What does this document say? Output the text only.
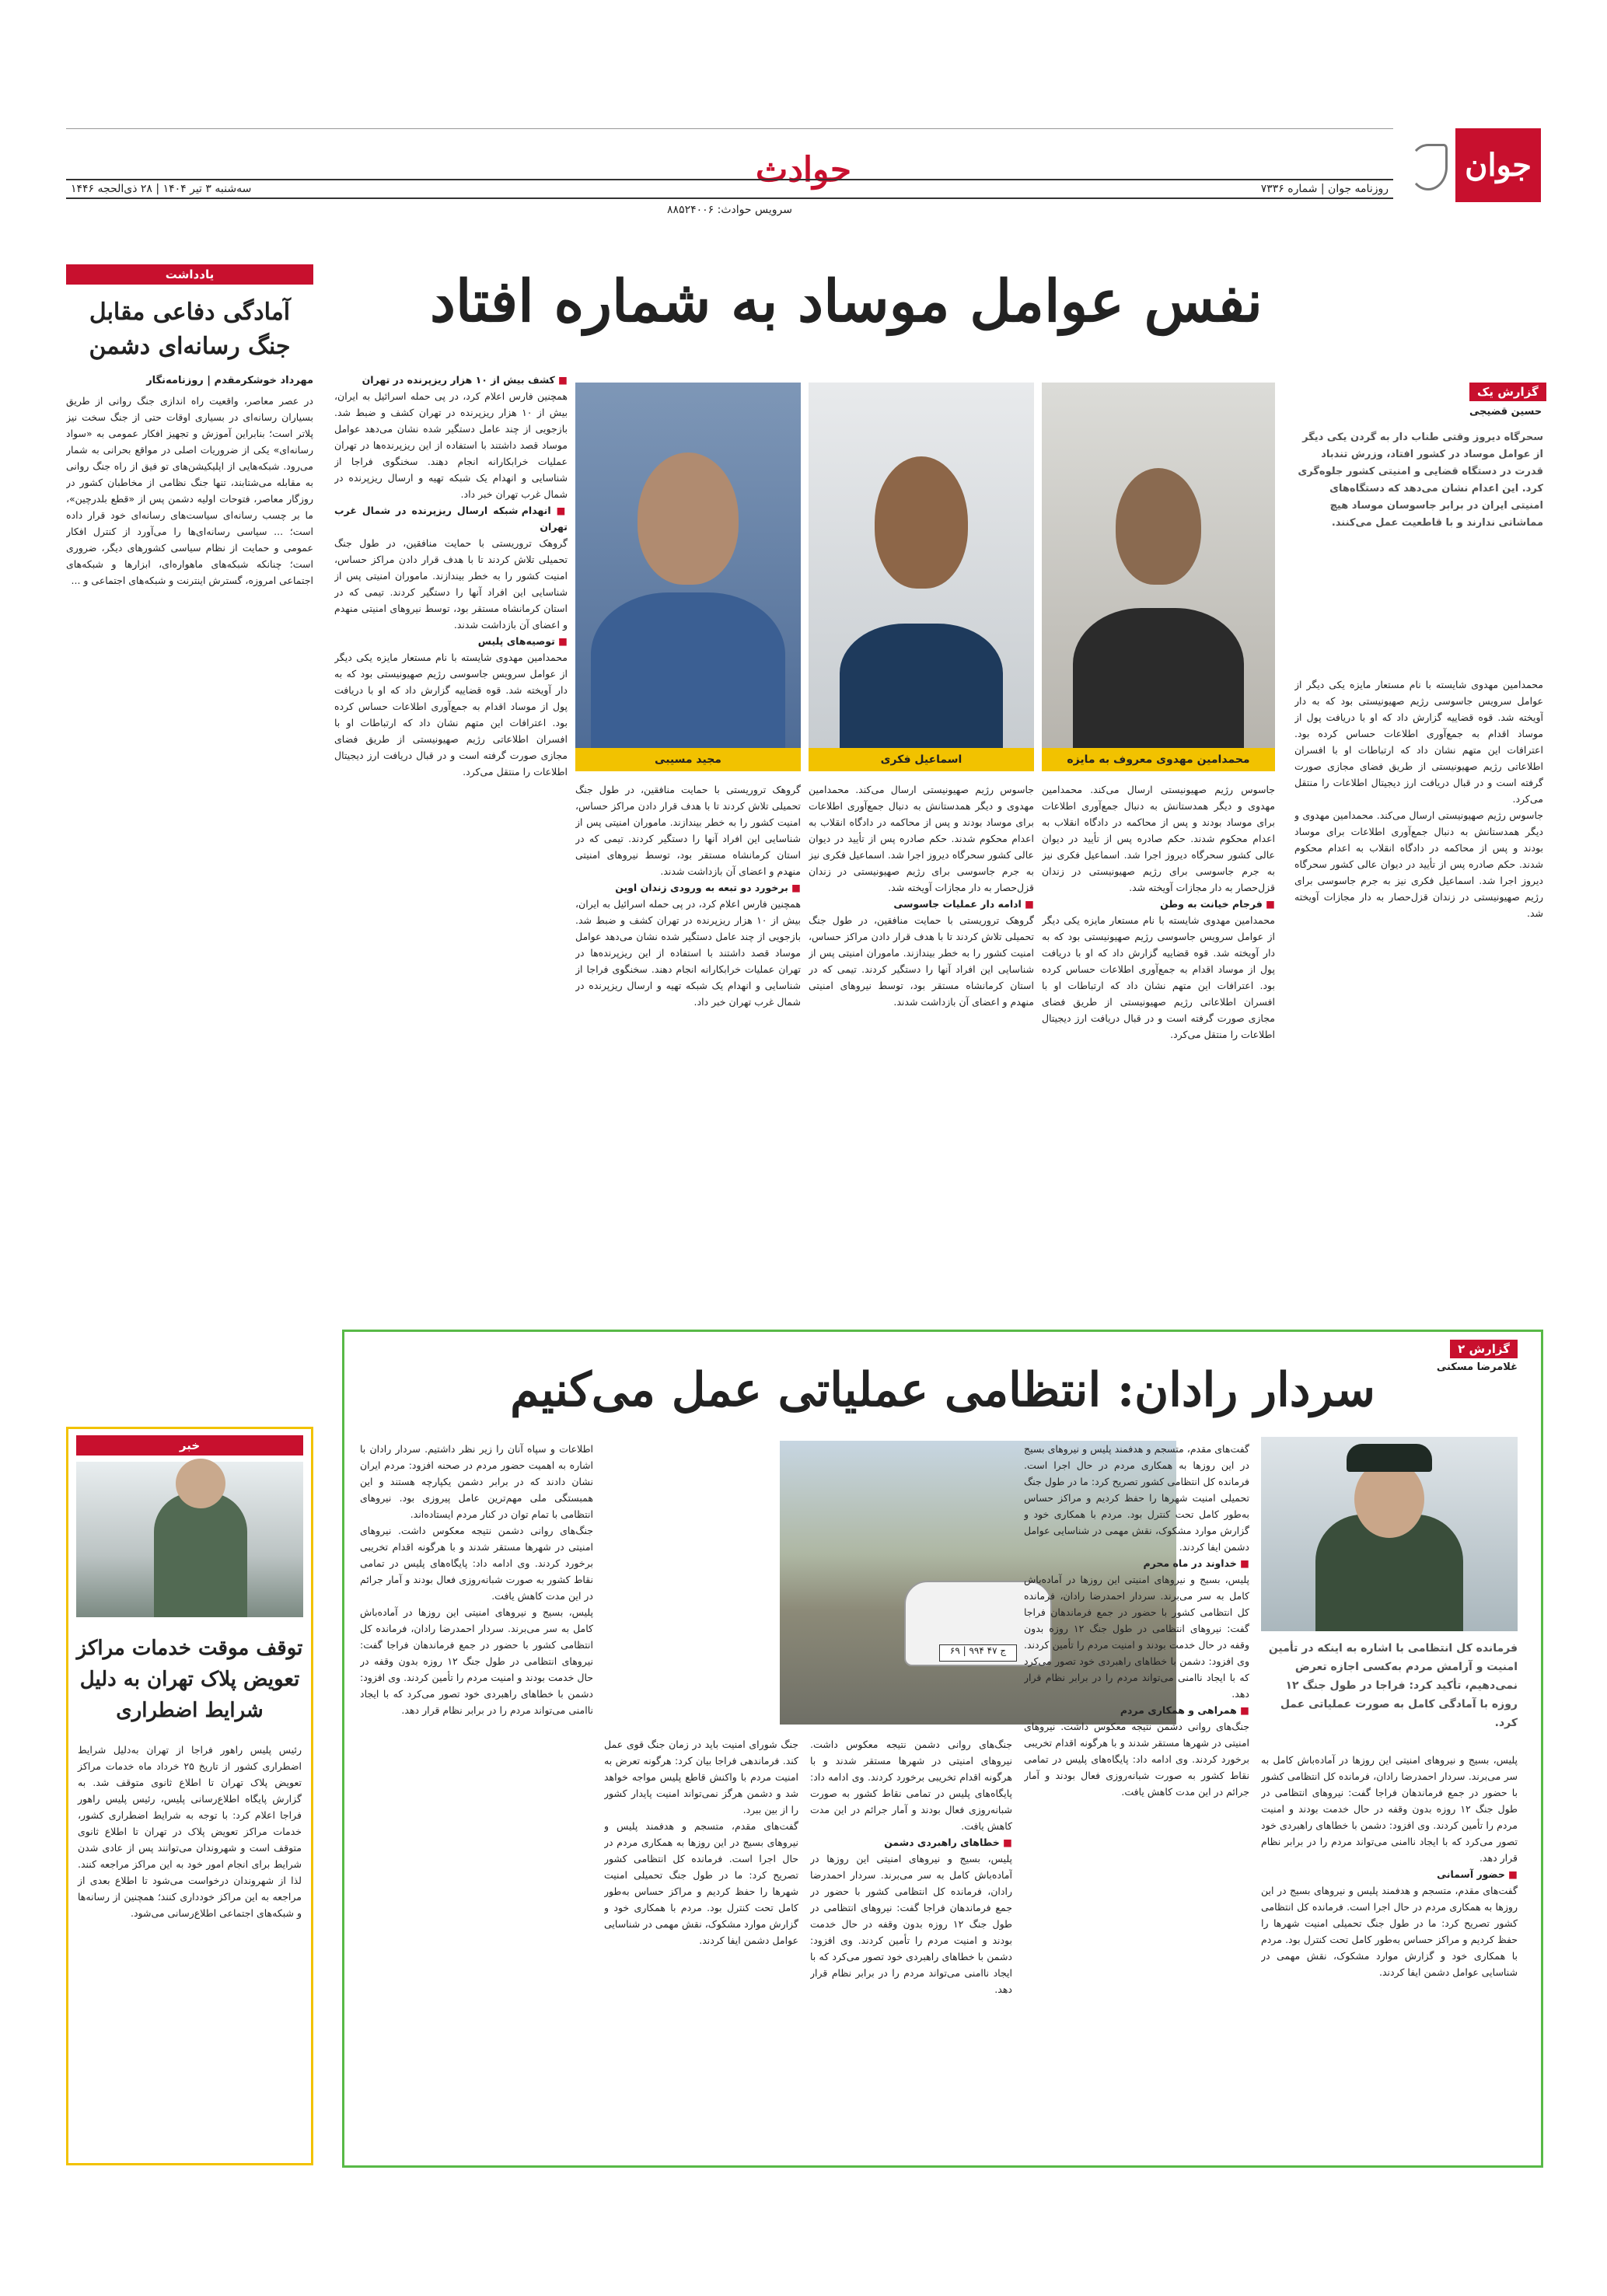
جوان
حوادث	روزنامه جوان | شماره ۷۳۳۶
سه‌شنبه ۳ تیر ۱۴۰۴ | ۲۸ ذی‌الحجه ۱۴۴۶
سرویس حوادث: ۸۸۵۲۴۰۰۶
یادداشت
آمادگی دفاعی مقابل جنگ رسانه‌ای دشمن
مهرداد خوشکرمقدم | روزنامه‌نگار
در عصر معاصر، واقعیت راه اندازی جنگ روانی از طریق بسیاران رسانه‌ای در بسیاری اوقات حتی از جنگ سخت نیز پلاتر است؛ بنابراین آموزش و تجهیز افکار عمومی به «سواد رسانه‌ای» یکی از ضروریات اصلی در مواقع بحرانی به شمار می‌رود. شبکه‌هایی از اپلیکیشن‌های تو فیق از راه جنگ روانی به مقابله می‌شتابند، تنها جنگ نظامی از مخاطبان کشور در روزگار معاصر، فتوحات اولیه دشمن پس از «قطع بلدرچین»، ما بر چسب رسانه‌ای سیاست‌های رسانه‌ای خود قرار داده است؛ ... سیاسی رسانه‌ای‌ها را می‌آورد از کنترل افکار عمومی و حمایت از نظام سیاسی کشورهای دیگر، ضروری است؛ چنانکه شبکه‌های ماهواره‌ای، ابزارها و شبکه‌های اجتماعی امروزه، گسترش اینترنت و شبکه‌های اجتماعی و ...
خبر
توقف موقت خدمات مراکز تعویض پلاک تهران به دلیل شرایط اضطراری
رئیس پلیس راهور فراجا از تهران به‌دلیل شرایط اضطراری کشور از تاریخ ۲۵ خرداد ماه خدمات مراکز تعویض پلاک تهران تا اطلاع ثانوی متوقف شد. به گزارش پایگاه اطلاع‌رسانی پلیس، رئیس پلیس راهور فراجا اعلام کرد: با توجه به شرایط اضطراری کشور، خدمات مراکز تعویض پلاک در تهران تا اطلاع ثانوی متوقف است و شهروندان می‌توانند پس از عادی شدن شرایط برای انجام امور خود به این مراکز مراجعه کنند. لذا از شهروندان درخواست می‌شود تا اطلاع بعدی از مراجعه به این مراکز خودداری کنند؛ همچنین از رسانه‌ها و شبکه‌های اجتماعی اطلاع‌رسانی می‌شود.
نفس عوامل موساد به شماره افتاد
گزارش یک
حسین قضیجی
سحرگاه دیروز وقتی طناب دار به گردن یکی دیگر از عوامل موساد در کشور افتاد، وزرش تندباد قدرت در دستگاه قضایی و امنیتی کشور جلوه‌گری کرد. این اعدام نشان می‌دهد که دستگاه‌های امنیتی ایران در برابر جاسوسان موساد هیچ مماشاتی ندارند و با قاطعیت عمل می‌کنند.
محمدامین مهدوی معروف به مایزه
اسماعیل فکری
مجید مسیبی
■ کشف بیش از ۱۰ هزار ریزپرنده در تهران
همچنین فارس اعلام کرد، در پی حمله اسرائیل به ایران، بیش از ۱۰ هزار ریزپرنده در تهران کشف و ضبط شد. بازجویی از چند عامل دستگیر شده نشان می‌دهد عوامل موساد قصد داشتند با استفاده از این ریزپرنده‌ها در تهران عملیات خرابکارانه انجام دهند. سخنگوی فراجا از شناسایی و انهدام یک شبکه تهیه و ارسال ریزپرنده در شمال غرب تهران خبر داد.
■ انهدام شبکه ارسال ریزپرنده در شمال غرب تهران
گروهک تروریستی با حمایت منافقین، در طول جنگ تحمیلی تلاش کردند تا با هدف قرار دادن مراکز حساس، امنیت کشور را به خطر بیندازند. ماموران امنیتی پس از شناسایی این افراد آنها را دستگیر کردند. تیمی که در استان کرمانشاه مستقر بود، توسط نیروهای امنیتی منهدم و اعضای آن بازداشت شدند.
■ توصیه‌های پلیس
محمدامین مهدوی شایسته با نام مستعار مایزه یکی دیگر از عوامل سرویس جاسوسی رژیم صهیونیستی بود که به دار آویخته شد. قوه قضاییه گزارش داد که او با دریافت پول از موساد اقدام به جمع‌آوری اطلاعات حساس کرده بود. اعترافات این متهم نشان داد که ارتباطات او با افسران اطلاعاتی رژیم صهیونیستی از طریق فضای مجازی صورت گرفته است و در قبال دریافت ارز دیجیتال اطلاعات را منتقل می‌کرد.
گروهک تروریستی با حمایت منافقین، در طول جنگ تحمیلی تلاش کردند تا با هدف قرار دادن مراکز حساس، امنیت کشور را به خطر بیندازند. ماموران امنیتی پس از شناسایی این افراد آنها را دستگیر کردند. تیمی که در استان کرمانشاه مستقر بود، توسط نیروهای امنیتی منهدم و اعضای آن بازداشت شدند.
■ برخورد دو تبعه به ورودی زندان اوین
همچنین فارس اعلام کرد، در پی حمله اسرائیل به ایران، بیش از ۱۰ هزار ریزپرنده در تهران کشف و ضبط شد. بازجویی از چند عامل دستگیر شده نشان می‌دهد عوامل موساد قصد داشتند با استفاده از این ریزپرنده‌ها در تهران عملیات خرابکارانه انجام دهند. سخنگوی فراجا از شناسایی و انهدام یک شبکه تهیه و ارسال ریزپرنده در شمال غرب تهران خبر داد.
جاسوس رژیم صهیونیستی ارسال می‌کند. محمدامین مهدوی و دیگر همدستانش به دنبال جمع‌آوری اطلاعات برای موساد بودند و پس از محاکمه در دادگاه انقلاب به اعدام محکوم شدند. حکم صادره پس از تأیید در دیوان عالی کشور سحرگاه دیروز اجرا شد. اسماعیل فکری نیز به جرم جاسوسی برای رژیم صهیونیستی در زندان قزل‌حصار به دار مجازات آویخته شد.
■ ادامه دار عملیات جاسوسی
گروهک تروریستی با حمایت منافقین، در طول جنگ تحمیلی تلاش کردند تا با هدف قرار دادن مراکز حساس، امنیت کشور را به خطر بیندازند. ماموران امنیتی پس از شناسایی این افراد آنها را دستگیر کردند. تیمی که در استان کرمانشاه مستقر بود، توسط نیروهای امنیتی منهدم و اعضای آن بازداشت شدند.
جاسوس رژیم صهیونیستی ارسال می‌کند. محمدامین مهدوی و دیگر همدستانش به دنبال جمع‌آوری اطلاعات برای موساد بودند و پس از محاکمه در دادگاه انقلاب به اعدام محکوم شدند. حکم صادره پس از تأیید در دیوان عالی کشور سحرگاه دیروز اجرا شد. اسماعیل فکری نیز به جرم جاسوسی برای رژیم صهیونیستی در زندان قزل‌حصار به دار مجازات آویخته شد.
■ فرجام خیانت به وطن
محمدامین مهدوی شایسته با نام مستعار مایزه یکی دیگر از عوامل سرویس جاسوسی رژیم صهیونیستی بود که به دار آویخته شد. قوه قضاییه گزارش داد که او با دریافت پول از موساد اقدام به جمع‌آوری اطلاعات حساس کرده بود. اعترافات این متهم نشان داد که ارتباطات او با افسران اطلاعاتی رژیم صهیونیستی از طریق فضای مجازی صورت گرفته است و در قبال دریافت ارز دیجیتال اطلاعات را منتقل می‌کرد.
محمدامین مهدوی شایسته با نام مستعار مایزه یکی دیگر از عوامل سرویس جاسوسی رژیم صهیونیستی بود که به دار آویخته شد. قوه قضاییه گزارش داد که او با دریافت پول از موساد اقدام به جمع‌آوری اطلاعات حساس کرده بود. اعترافات این متهم نشان داد که ارتباطات او با افسران اطلاعاتی رژیم صهیونیستی از طریق فضای مجازی صورت گرفته است و در قبال دریافت ارز دیجیتال اطلاعات را منتقل می‌کرد.
جاسوس رژیم صهیونیستی ارسال می‌کند. محمدامین مهدوی و دیگر همدستانش به دنبال جمع‌آوری اطلاعات برای موساد بودند و پس از محاکمه در دادگاه انقلاب به اعدام محکوم شدند. حکم صادره پس از تأیید در دیوان عالی کشور سحرگاه دیروز اجرا شد. اسماعیل فکری نیز به جرم جاسوسی برای رژیم صهیونیستی در زندان قزل‌حصار به دار مجازات آویخته شد.
گزارش ۲
غلامرضا مسکنی
سردار رادان: انتظامی عملیاتی عمل می‌کنیم
فرمانده کل انتظامی با اشاره به اینکه در تأمین امنیت و آرامش مردم به‌کسی اجازه تعرض نمی‌دهیم، تأکید کرد: فراجا در طول جنگ ۱۲ روزه با آمادگی کامل به صورت عملیاتی عمل کرد.
۶۹ | ۹۹۴ ج ۴۷
پلیس، بسیج و نیروهای امنیتی این روزها در آماده‌باش کامل به سر می‌برند. سردار احمدرضا رادان، فرمانده کل انتظامی کشور با حضور در جمع فرماندهان فراجا گفت: نیروهای انتظامی در طول جنگ ۱۲ روزه بدون وقفه در حال خدمت بودند و امنیت مردم را تأمین کردند. وی افزود: دشمن با خطاهای راهبردی خود تصور می‌کرد که با ایجاد ناامنی می‌تواند مردم را در برابر نظام قرار دهد.
■ حضور آسمانی
گفت‌های مقدم، متسجم و هدفمند پلیس و نیروهای بسیج در این روزها به همکاری مردم در حال اجرا است. فرمانده کل انتظامی کشور تصریح کرد: ما در طول جنگ تحمیلی امنیت شهرها را حفظ کردیم و مراکز حساس به‌طور کامل تحت کنترل بود. مردم با همکاری خود و گزارش موارد مشکوک، نقش مهمی در شناسایی عوامل دشمن ایفا کردند.
گفت‌های مقدم، متسجم و هدفمند پلیس و نیروهای بسیج در این روزها به همکاری مردم در حال اجرا است. فرمانده کل انتظامی کشور تصریح کرد: ما در طول جنگ تحمیلی امنیت شهرها را حفظ کردیم و مراکز حساس به‌طور کامل تحت کنترل بود. مردم با همکاری خود و گزارش موارد مشکوک، نقش مهمی در شناسایی عوامل دشمن ایفا کردند.
■ خداوند در ماه محرم
پلیس، بسیج و نیروهای امنیتی این روزها در آماده‌باش کامل به سر می‌برند. سردار احمدرضا رادان، فرمانده کل انتظامی کشور با حضور در جمع فرماندهان فراجا گفت: نیروهای انتظامی در طول جنگ ۱۲ روزه بدون وقفه در حال خدمت بودند و امنیت مردم را تأمین کردند. وی افزود: دشمن با خطاهای راهبردی خود تصور می‌کرد که با ایجاد ناامنی می‌تواند مردم را در برابر نظام قرار دهد.
■ همراهی و همکاری مردم
جنگ‌های روانی دشمن نتیجه معکوس داشت. نیروهای امنیتی در شهرها مستقر شدند و با هرگونه اقدام تخریبی برخورد کردند. وی ادامه داد: پایگاه‌های پلیس در تمامی نقاط کشور به صورت شبانه‌روزی فعال بودند و آمار جرائم در این مدت کاهش یافت.
جنگ‌های روانی دشمن نتیجه معکوس داشت. نیروهای امنیتی در شهرها مستقر شدند و با هرگونه اقدام تخریبی برخورد کردند. وی ادامه داد: پایگاه‌های پلیس در تمامی نقاط کشور به صورت شبانه‌روزی فعال بودند و آمار جرائم در این مدت کاهش یافت.
■ خطاهای راهبردی دشمن
پلیس، بسیج و نیروهای امنیتی این روزها در آماده‌باش کامل به سر می‌برند. سردار احمدرضا رادان، فرمانده کل انتظامی کشور با حضور در جمع فرماندهان فراجا گفت: نیروهای انتظامی در طول جنگ ۱۲ روزه بدون وقفه در حال خدمت بودند و امنیت مردم را تأمین کردند. وی افزود: دشمن با خطاهای راهبردی خود تصور می‌کرد که با ایجاد ناامنی می‌تواند مردم را در برابر نظام قرار دهد.
جنگ شورای امنیت باید در زمان جنگ قوی عمل کند. فرماندهی فراجا بیان کرد: هرگونه تعرض به امنیت مردم با واکنش قاطع پلیس مواجه خواهد شد و دشمن هرگز نمی‌تواند امنیت پایدار کشور را از بین ببرد.
گفت‌های مقدم، متسجم و هدفمند پلیس و نیروهای بسیج در این روزها به همکاری مردم در حال اجرا است. فرمانده کل انتظامی کشور تصریح کرد: ما در طول جنگ تحمیلی امنیت شهرها را حفظ کردیم و مراکز حساس به‌طور کامل تحت کنترل بود. مردم با همکاری خود و گزارش موارد مشکوک، نقش مهمی در شناسایی عوامل دشمن ایفا کردند.
اطلاعات و سپاه آنان را زیر نظر داشتیم. سردار رادان با اشاره به اهمیت حضور مردم در صحنه افزود: مردم ایران نشان دادند که در برابر دشمن یکپارچه هستند و این همبستگی ملی مهم‌ترین عامل پیروزی بود. نیروهای انتظامی با تمام توان در کنار مردم ایستاده‌اند.
جنگ‌های روانی دشمن نتیجه معکوس داشت. نیروهای امنیتی در شهرها مستقر شدند و با هرگونه اقدام تخریبی برخورد کردند. وی ادامه داد: پایگاه‌های پلیس در تمامی نقاط کشور به صورت شبانه‌روزی فعال بودند و آمار جرائم در این مدت کاهش یافت.
پلیس، بسیج و نیروهای امنیتی این روزها در آماده‌باش کامل به سر می‌برند. سردار احمدرضا رادان، فرمانده کل انتظامی کشور با حضور در جمع فرماندهان فراجا گفت: نیروهای انتظامی در طول جنگ ۱۲ روزه بدون وقفه در حال خدمت بودند و امنیت مردم را تأمین کردند. وی افزود: دشمن با خطاهای راهبردی خود تصور می‌کرد که با ایجاد ناامنی می‌تواند مردم را در برابر نظام قرار دهد.
